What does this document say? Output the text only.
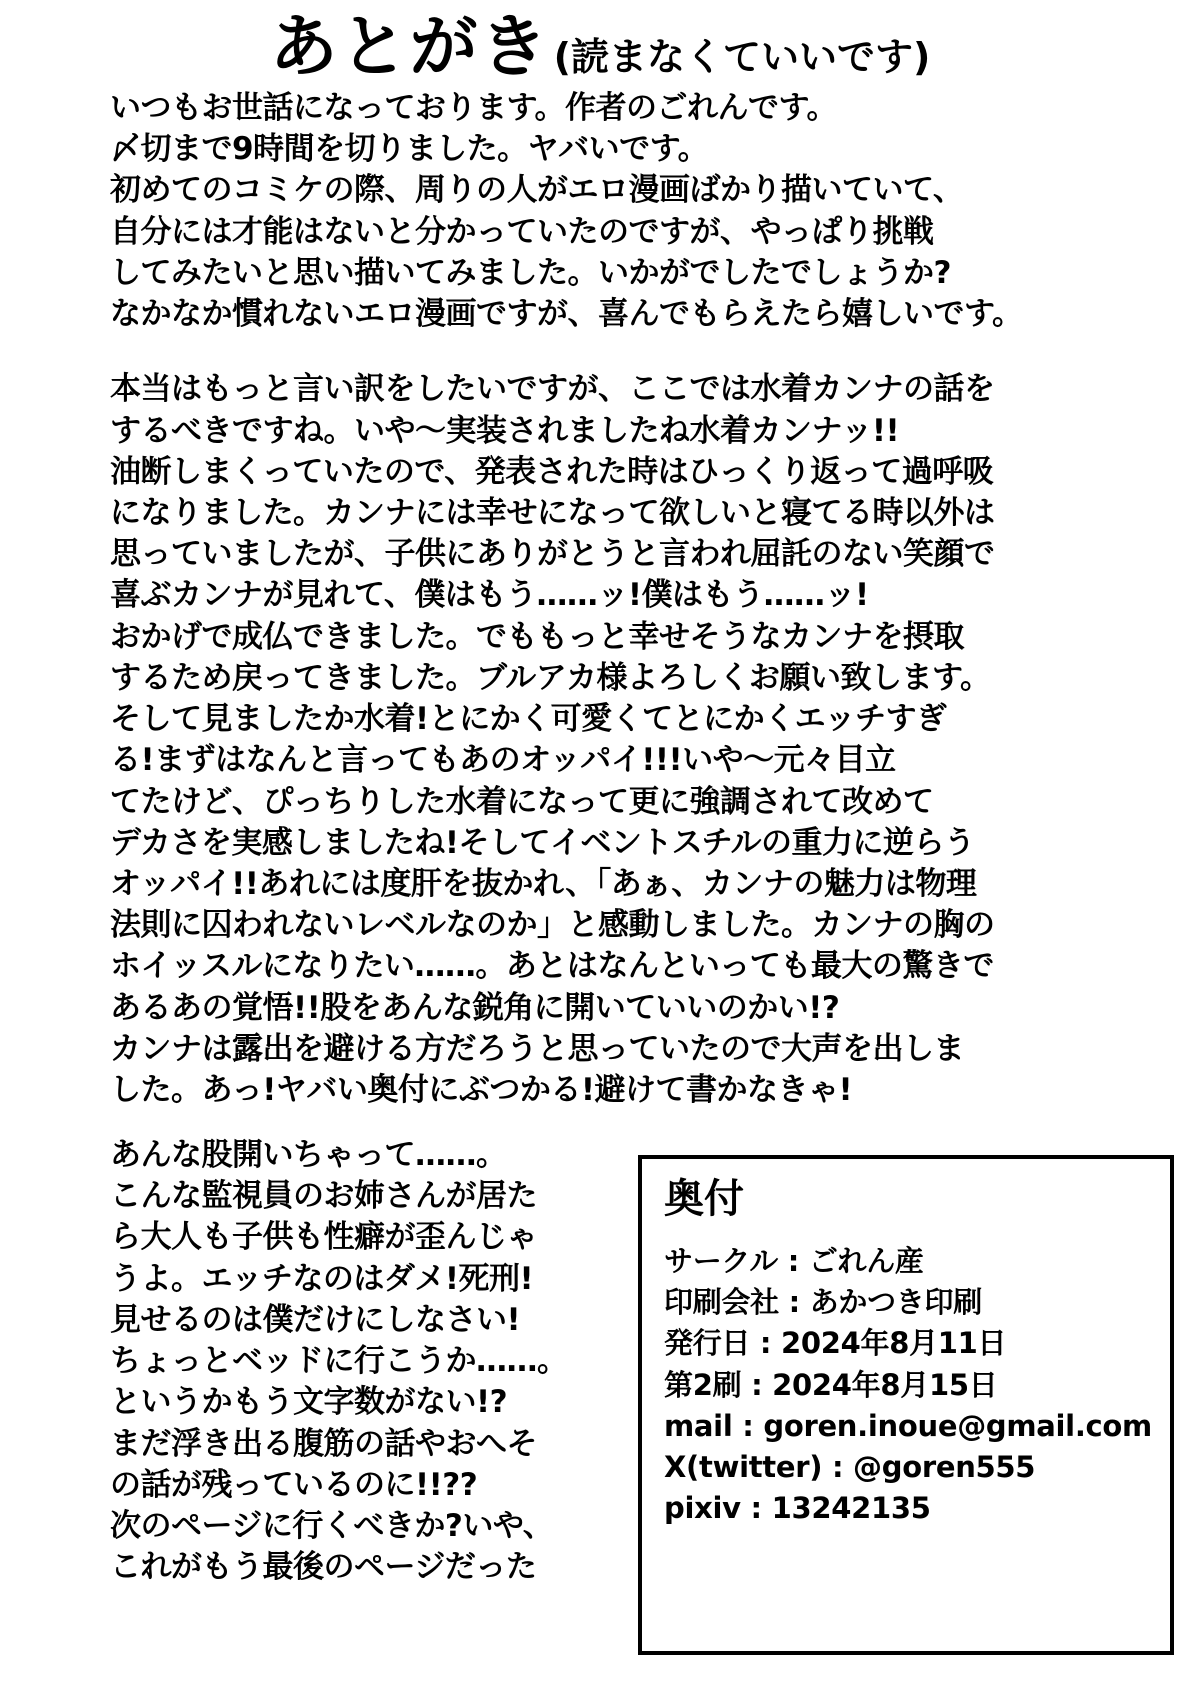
あとがき (読まなくていいです)
いつもお世話になっております。作者のごれんです。
〆切まで9時間を切りました。ヤバいです。
初めてのコミケの際、周りの人がエロ漫画ばかり描いていて、
自分には才能はないと分かっていたのですが、やっぱり挑戦
してみたいと思い描いてみました。いかがでしたでしょうか?
なかなか慣れないエロ漫画ですが、喜んでもらえたら嬉しいです。
本当はもっと言い訳をしたいですが、ここでは水着カンナの話を
するべきですね。いや〜実装されましたね水着カンナッ!!
油断しまくっていたので、発表された時はひっくり返って過呼吸
になりました。カンナには幸せになって欲しいと寝てる時以外は
思っていましたが、子供にありがとうと言われ屈託のない笑顔で
喜ぶカンナが見れて、僕はもう……ッ!僕はもう……ッ!
おかげで成仏できました。でももっと幸せそうなカンナを摂取
するため戻ってきました。ブルアカ様よろしくお願い致します。
そして見ましたか水着!とにかく可愛くてとにかくエッチすぎ
る!まずはなんと言ってもあのオッパイ!!!いや〜元々目立
てたけど、ぴっちりした水着になって更に強調されて改めて
デカさを実感しましたね!そしてイベントスチルの重力に逆らう
オッパイ!!あれには度肝を抜かれ、「あぁ、カンナの魅力は物理
法則に囚われないレベルなのか」と感動しました。カンナの胸の
ホイッスルになりたい……。あとはなんといっても最大の驚きで
あるあの覚悟!!股をあんな鋭角に開いていいのかい!?
カンナは露出を避ける方だろうと思っていたので大声を出しま
した。あっ!ヤバい奥付にぶつかる!避けて書かなきゃ!
あんな股開いちゃって……。
こんな監視員のお姉さんが居た
ら大人も子供も性癖が歪んじゃ
うよ。エッチなのはダメ!死刑!
見せるのは僕だけにしなさい!
ちょっとベッドに行こうか……。
というかもう文字数がない!?
まだ浮き出る腹筋の話やおへそ
の話が残っているのに!!??
次のページに行くべきか?いや、
これがもう最後のページだった
奥付
サークル : ごれん産
印刷会社 : あかつき印刷
発行日 : 2024年8月11日
第2刷 : 2024年8月15日
mail : goren.inoue@gmail.com
X(twitter) : @goren555
pixiv : 13242135
